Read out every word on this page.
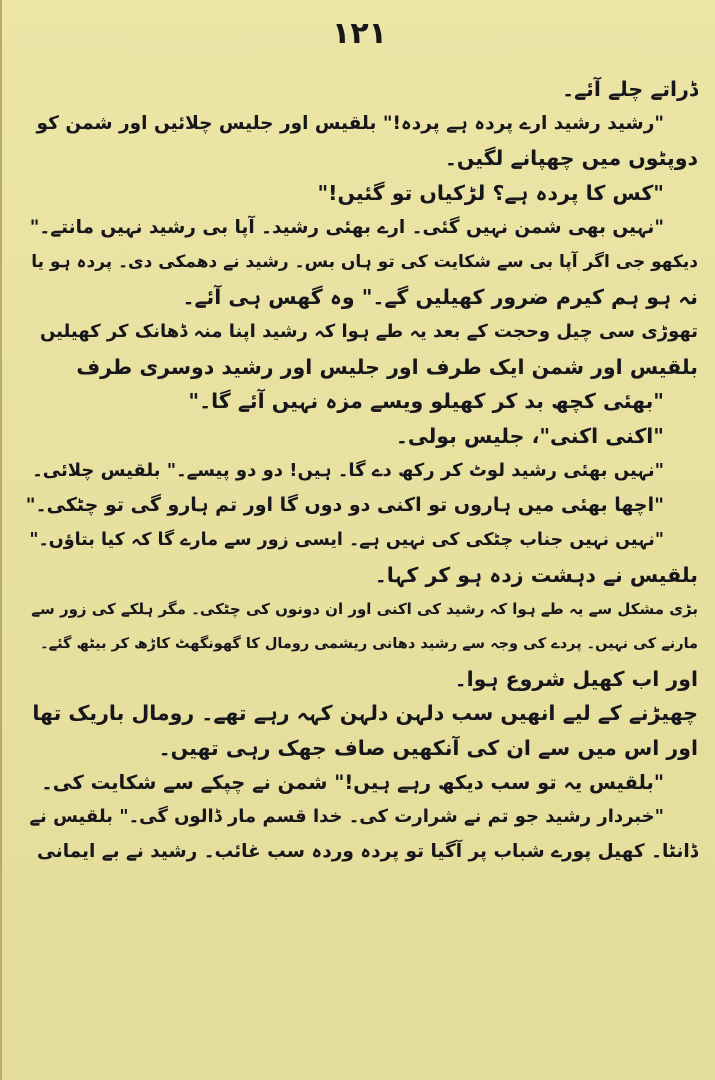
۱۲۱
ڈراتے چلے آئے۔
"رشید رشید ارے پردہ ہے پردہ!" بلقیس اور جلیس چلائیں اور شمن کو
دوپٹوں میں چھپانے لگیں۔
"کس کا پردہ ہے؟ لڑکیاں تو گئیں!"
"نہیں بھی شمن نہیں گئی۔ ارے بھئی رشید۔ آپا بی رشید نہیں مانتے۔"
دیکھو جی اگر آپا بی سے شکایت کی تو ہاں بس۔ رشید نے دھمکی دی۔ پردہ ہو یا
نہ ہو ہم کیرم ضرور کھیلیں گے۔" وہ گھس ہی آئے۔
تھوڑی سی چیل وحجت کے بعد یہ طے ہوا کہ رشید اپنا منہ ڈھانک کر کھیلیں
بلقیس اور شمن ایک طرف اور جلیس اور رشید دوسری طرف
"بھئی کچھ بد کر کھیلو ویسے مزہ نہیں آئے گا۔"
"اکنی اکنی"، جلیس بولی۔
"نہیں بھئی رشید لوٹ کر رکھ دے گا۔ ہیں! دو دو پیسے۔" بلقیس چلائی۔
"اچھا بھئی میں ہاروں تو اکنی دو دوں گا اور تم ہارو گی تو چٹکی۔"
"نہیں نہیں جناب چٹکی کی نہیں ہے۔ ایسی زور سے مارے گا کہ کیا بتاؤں۔"
بلقیس نے دہشت زدہ ہو کر کہا۔
بڑی مشکل سے یہ طے ہوا کہ رشید کی اکنی اور ان دونوں کی چٹکی۔ مگر ہلکے کی زور سے
مارنے کی نہیں۔ پردے کی وجہ سے رشید دھانی ریشمی رومال کا گھونگھٹ کاڑھ کر بیٹھ گئے۔
اور اب کھیل شروع ہوا۔
چھیڑنے کے لیے انھیں سب دلہن دلہن کہہ رہے تھے۔ رومال باریک تھا
اور اس میں سے ان کی آنکھیں صاف جھک رہی تھیں۔
"بلقیس یہ تو سب دیکھ رہے ہیں!" شمن نے چپکے سے شکایت کی۔
"خبردار رشید جو تم نے شرارت کی۔ خدا قسم مار ڈالوں گی۔" بلقیس نے
ڈانٹا۔ کھیل پورے شباب پر آگیا تو پردہ وردہ سب غائب۔ رشید نے بے ایمانی
